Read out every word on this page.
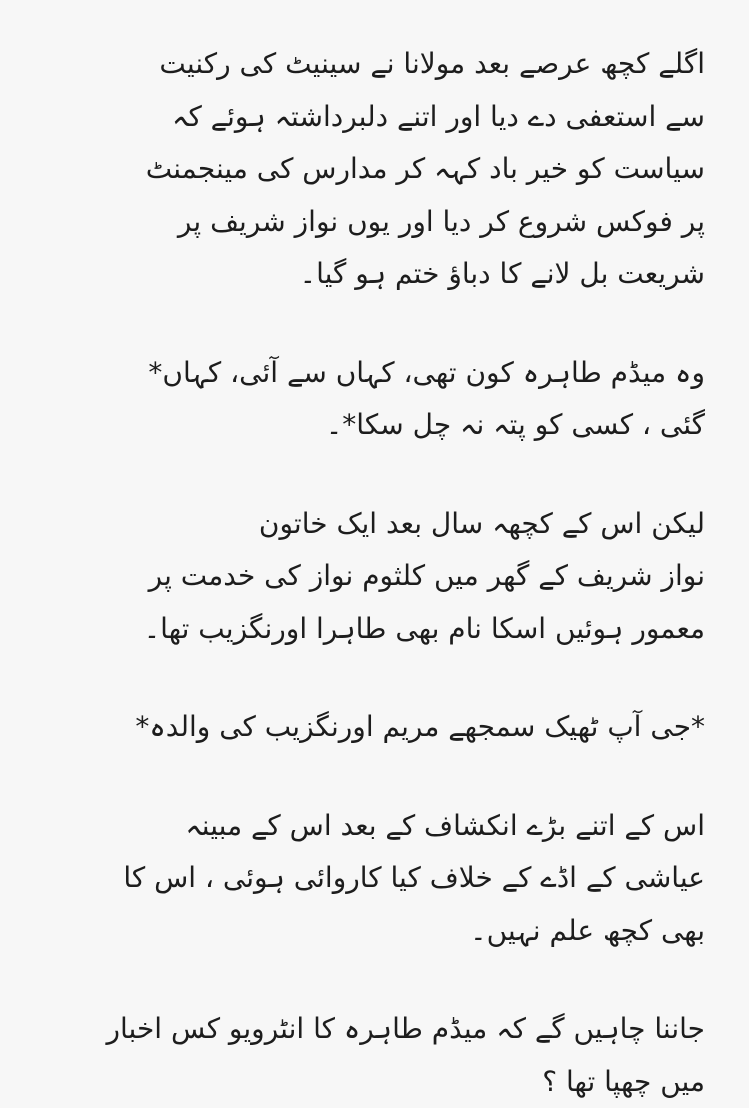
اگلے کچھ عرصے بعد مولانا نے سینیٹ کی رکنیت
سے استعفی دے دیا اور اتنے دلبرداشتہ ہوئے کہ
سیاست کو خیر باد کہہ کر مدارس کی مینجمنٹ
پر فوکس شروع کر دیا اور یوں نواز شریف پر
شریعت بل لانے کا دباؤ ختم ہو گیا۔
وہ میڈم طاہرہ کون تھی، کہاں سے آئی، کہاں*
گئی ، کسی کو پتہ نہ چل سکا*۔
لیکن اس کے کچھہ سال بعد ایک خاتون
نواز شریف کے گھر میں کلثوم نواز کی خدمت پر
معمور ہوئیں اسکا نام بھی طاہرا اورنگزیب تھا۔
*جی آپ ٹھیک سمجھے مریم اورنگزیب کی والدہ*
اس کے اتنے بڑے انکشاف کے بعد اس کے مبینہ
عیاشی کے اڈے کے خلاف کیا کاروائی ہوئی ، اس کا
بھی کچھ علم نہیں۔
جاننا چاہیں گے کہ میڈم طاہرہ کا انٹرویو کس اخبار
میں چھپا تھا ؟
